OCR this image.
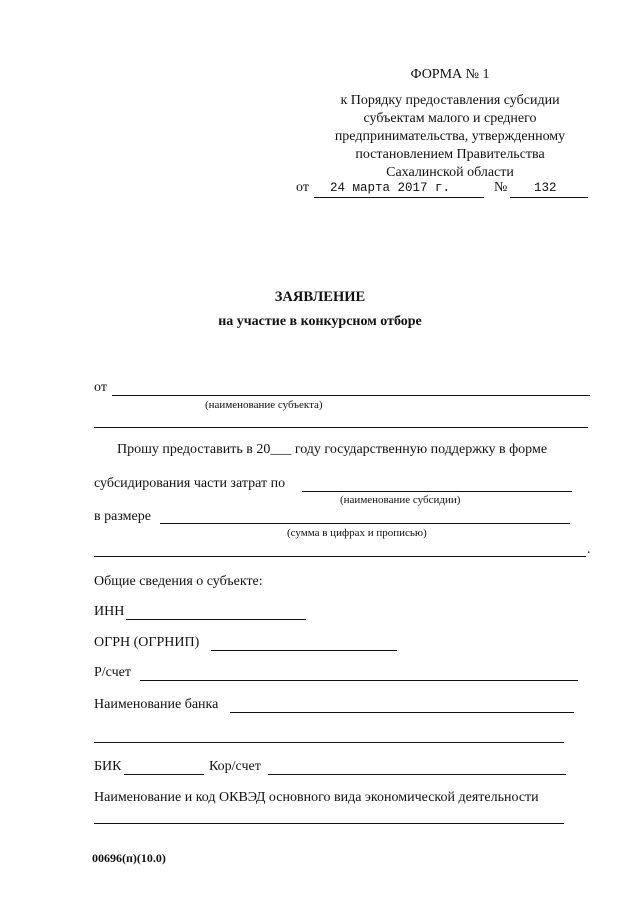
ФОРМА № 1
к Порядку предоставления субсидии
субъектам малого и среднего
предпринимательства, утвержденному
постановлением Правительства
Сахалинской области
от 24 марта 2017 г.	№ 132
ЗАЯВЛЕНИЕ
на участие в конкурсном отборе
от
(наименование субъекта)
Прошу предоставить в 20___ году государственную поддержку в форме
субсидирования части затрат по
(наименование субсидии)
в размере
(сумма в цифрах и прописью)
.
Общие сведения о субъекте:
ИНН
ОГРН (ОГРНИП)
Р/счет
Наименование банка
БИК	Кор/счет
Наименование и код ОКВЭД основного вида экономической деятельности
00696(п)(10.0)
